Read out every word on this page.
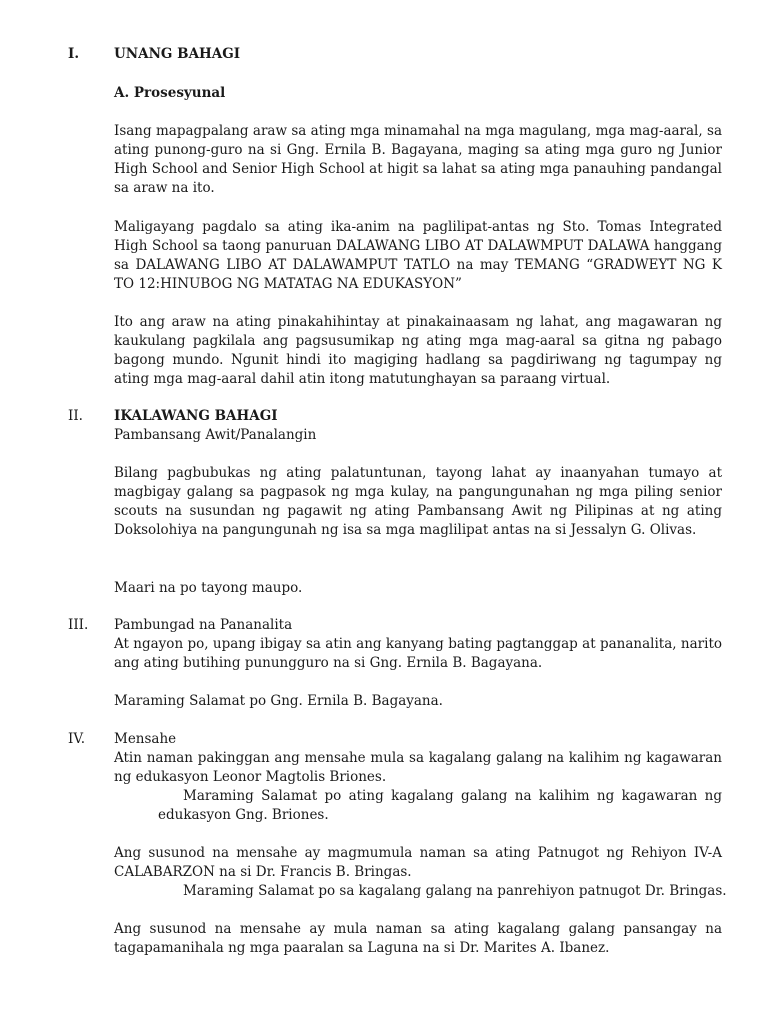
I.	UNANG BAHAGI
A. Prosesyunal

Isang mapagpalang araw sa ating mga minamahal na mga magulang, mga mag-aaral, sa ating punong-guro na si Gng. Ernila B. Bagayana, maging sa ating mga guro ng Junior High School and Senior High School at higit sa lahat sa ating mga panauhing pandangal sa araw na ito.

Maligayang pagdalo sa ating ika-anim na paglilipat-antas ng Sto. Tomas Integrated High School sa taong panuruan DALAWANG LIBO AT DALAWMPUT DALAWA hanggang sa DALAWANG LIBO AT DALAWAMPUT TATLO na may TEMANG “GRADWEYT NG K TO 12:HINUBOG NG MATATAG NA EDUKASYON”

Ito ang araw na ating pinakahihintay at pinakainaasam ng lahat, ang magawaran ng kaukulang pagkilala ang pagsusumikap ng ating mga mag-aaral sa gitna ng pabago bagong mundo. Ngunit hindi ito magiging hadlang sa pagdiriwang ng tagumpay ng ating mga mag-aaral dahil atin itong matutunghayan sa paraang virtual.

II. IKALAWANG BAHAGI
Pambansang Awit/Panalangin

Bilang pagbubukas ng ating palatuntunan, tayong lahat ay inaanyahan tumayo at magbigay galang sa pagpasok ng mga kulay, na pangungunahan ng mga piling senior scouts na susundan ng pagawit ng ating Pambansang Awit ng Pilipinas at ng ating Doksolohiya na pangungunah ng isa sa mga maglilipat antas na si Jessalyn G. Olivas.

Maari na po tayong maupo.

III. Pambungad na Pananalita

At ngayon po, upang ibigay sa atin ang kanyang bating pagtanggap at pananalita, narito ang ating butihing punungguro na si Gng. Ernila B. Bagayana.

Maraming Salamat po Gng. Ernila B. Bagayana.

IV. Mensahe

Atin naman pakinggan ang mensahe mula sa kagalang galang na kalihim ng kagawaran ng edukasyon Leonor Magtolis Briones.

Maraming Salamat po ating kagalang galang na kalihim ng kagawaran ng edukasyon Gng. Briones.

Ang susunod na mensahe ay magmumula naman sa ating Patnugot ng Rehiyon IV-A CALABARZON na si Dr. Francis B. Bringas.

Maraming Salamat po sa kagalang galang na panrehiyon patnugot Dr. Bringas.

Ang susunod na mensahe ay mula naman sa ating kagalang galang pansangay na tagapamanihala ng mga paaralan sa Laguna na si Dr. Marites A. Ibanez.
